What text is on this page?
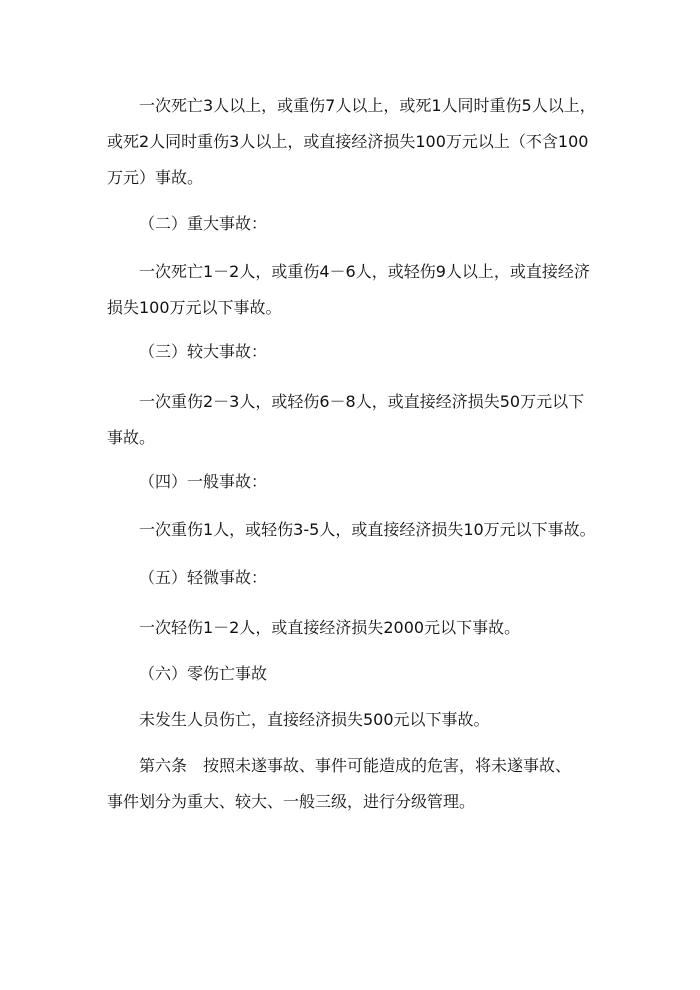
一次死亡3人以上，或重伤7人以上，或死1人同时重伤5人以上，
或死2人同时重伤3人以上，或直接经济损失100万元以上（不含100
万元）事故。

（二）重大事故：

一次死亡1－2人，或重伤4－6人，或轻伤9人以上，或直接经济
损失100万元以下事故。

（三）较大事故：

一次重伤2－3人，或轻伤6－8人，或直接经济损失50万元以下
事故。

（四）一般事故：

一次重伤1人，或轻伤3-5人，或直接经济损失10万元以下事故。

（五）轻微事故：

一次轻伤1－2人，或直接经济损失2000元以下事故。

（六）零伤亡事故

未发生人员伤亡，直接经济损失500元以下事故。

第六条　按照未遂事故、事件可能造成的危害，将未遂事故、
事件划分为重大、较大、一般三级，进行分级管理。
